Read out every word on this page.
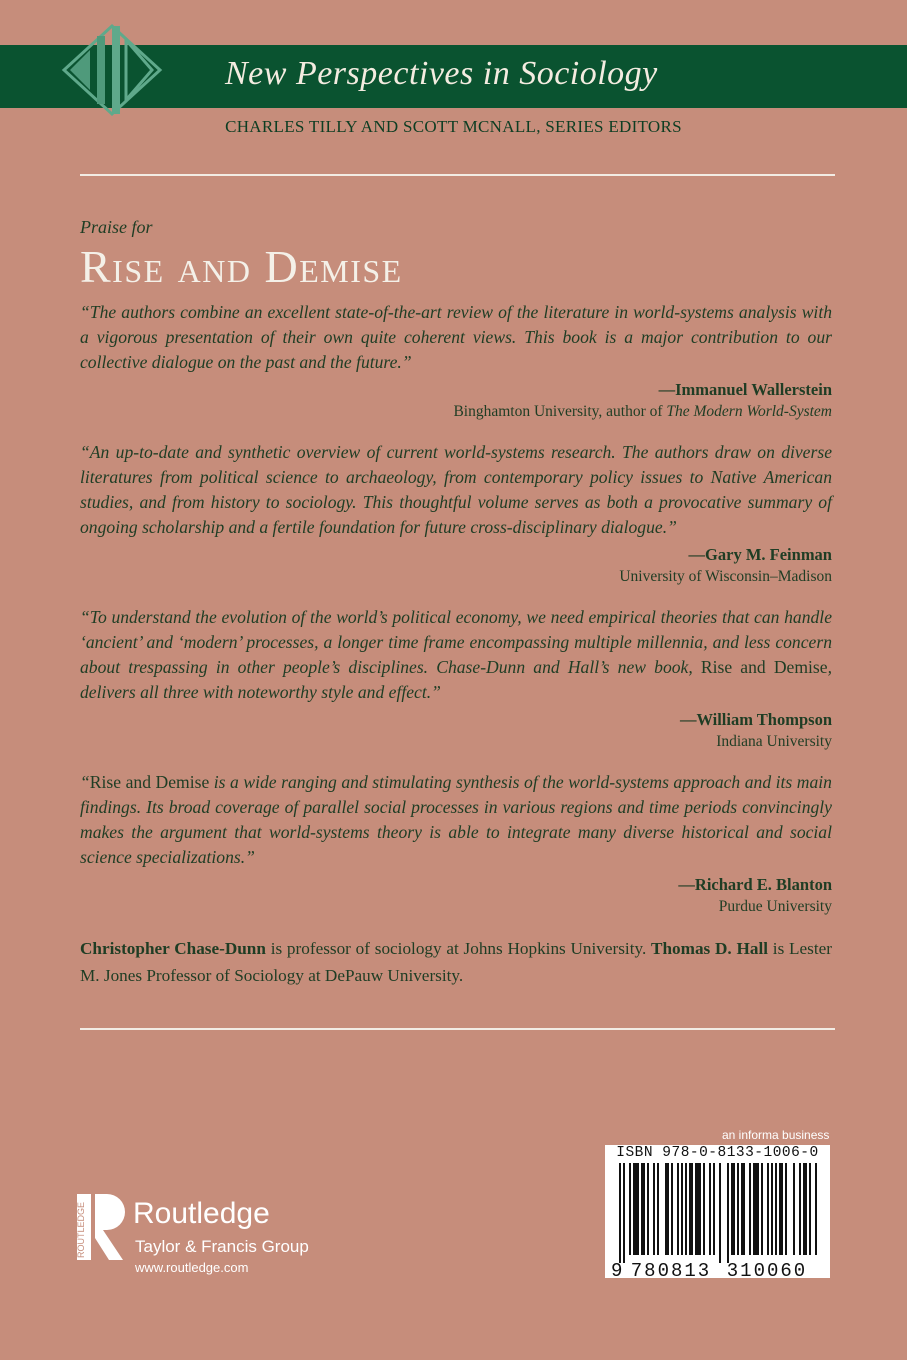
New Perspectives in Sociology
CHARLES TILLY AND SCOTT MCNALL, SERIES EDITORS
Praise for
Rise and Demise

“The authors combine an excellent state-of-the-art review of the literature in world-systems analysis with a vigorous presentation of their own quite coherent views. This book is a major contribution to our collective dialogue on the past and the future.”

—Immanuel Wallerstein
Binghamton University, author of The Modern World-System

“An up-to-date and synthetic overview of current world-systems research. The authors draw on diverse literatures from political science to archaeology, from contemporary policy issues to Native American studies, and from history to sociology. This thoughtful volume serves as both a provocative summary of ongoing scholarship and a fertile foundation for future cross-disciplinary dialogue.”

—Gary M. Feinman
University of Wisconsin–Madison

“To understand the evolution of the world’s political economy, we need empirical theories that can handle ‘ancient’ and ‘modern’ processes, a longer time frame encompassing multiple millennia, and less concern about trespassing in other people’s disciplines. Chase-Dunn and Hall’s new book, Rise and Demise, delivers all three with noteworthy style and effect.”

—William Thompson
Indiana University

“Rise and Demise is a wide ranging and stimulating synthesis of the world-systems approach and its main findings. Its broad coverage of parallel social processes in various regions and time periods convincingly makes the argument that world-systems theory is able to integrate many diverse historical and social science specializations.”

—Richard E. Blanton
Purdue University
Christopher Chase-Dunn is professor of sociology at Johns Hopkins University. Thomas D. Hall is Lester M. Jones Professor of Sociology at DePauw University.
ROUTLEDGE Routledge
Taylor & Francis Group
www.routledge.com
an informa business
ISBN 978-0-8133-1006-0
9 780813 310060
